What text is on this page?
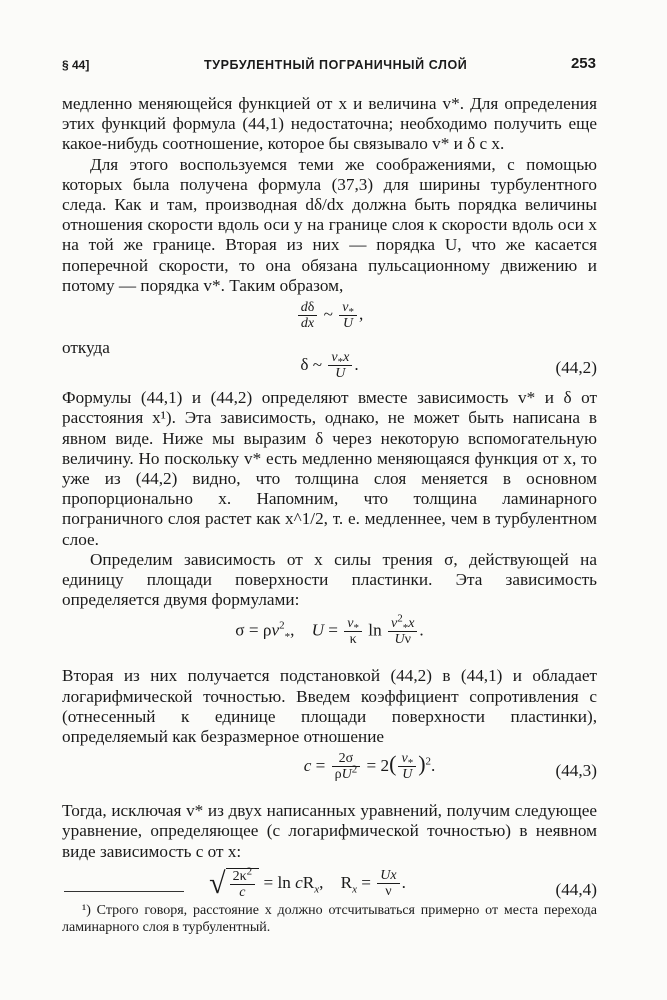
§ 44]	ТУРБУЛЕНТНЫЙ ПОГРАНИЧНЫЙ СЛОЙ	253

медленно меняющейся функцией от x и величина v*. Для определения этих функций формула (44,1) недостаточна; необходимо получить еще какое-нибудь соотношение, которое бы связывало v* и δ с x.

Для этого воспользуемся теми же соображениями, с помощью которых была получена формула (37,3) для ширины турбулентного следа. Как и там, производная dδ/dx должна быть порядка величины отношения скорости вдоль оси y на границе слоя к скорости вдоль оси x на той же границе. Вторая из них — порядка U, что же касается поперечной скорости, то она обязана пульсационному движению и потому — порядка v*. Таким образом,

$\frac{d\delta}{dx}$ ~ $\frac{v_*}{U}$ ,

откуда

δ ~ $\frac{v_*x}{U}$ .	(44,2)

Формулы (44,1) и (44,2) определяют вместе зависимость v* и δ от расстояния x¹). Эта зависимость, однако, не может быть написана в явном виде. Ниже мы выразим δ через некоторую вспомогательную величину. Но поскольку v* есть медленно меняющаяся функция от x, то уже из (44,2) видно, что толщина слоя меняется в основном пропорционально x. Напомним, что толщина ламинарного пограничного слоя растет как x^1/2, т. е. медленнее, чем в турбулентном слое.

Определим зависимость от x силы трения σ, действующей на единицу площади поверхности пластинки. Эта зависимость определяется двумя формулами:

$\sigma = \rho v^2_*$,    $U = \frac{v_*}{\kappa}$ $\ln \frac{v^2_*x}{U\nu}$ .

Вторая из них получается подстановкой (44,2) в (44,1) и обладает логарифмической точностью. Введем коэффициент сопротивления c (отнесенный к единице площади поверхности пластинки), определяемый как безразмерное отношение

$c = \frac{2\sigma}{\rho U^2} = 2( \frac{v_*}{U} )^2$.	(44,3)

Тогда, исключая v* из двух написанных уравнений, получим следующее уравнение, определяющее (с логарифмической точностью) в неявном виде зависимость c от x:

√ $\frac{2\kappa^2}{c} = \ln cR_x$,    $R_x = \frac{Ux}{\nu}$ .	(44,4)

¹) Строго говоря, расстояние x должно отсчитываться примерно от места перехода ламинарного слоя в турбулентный.
